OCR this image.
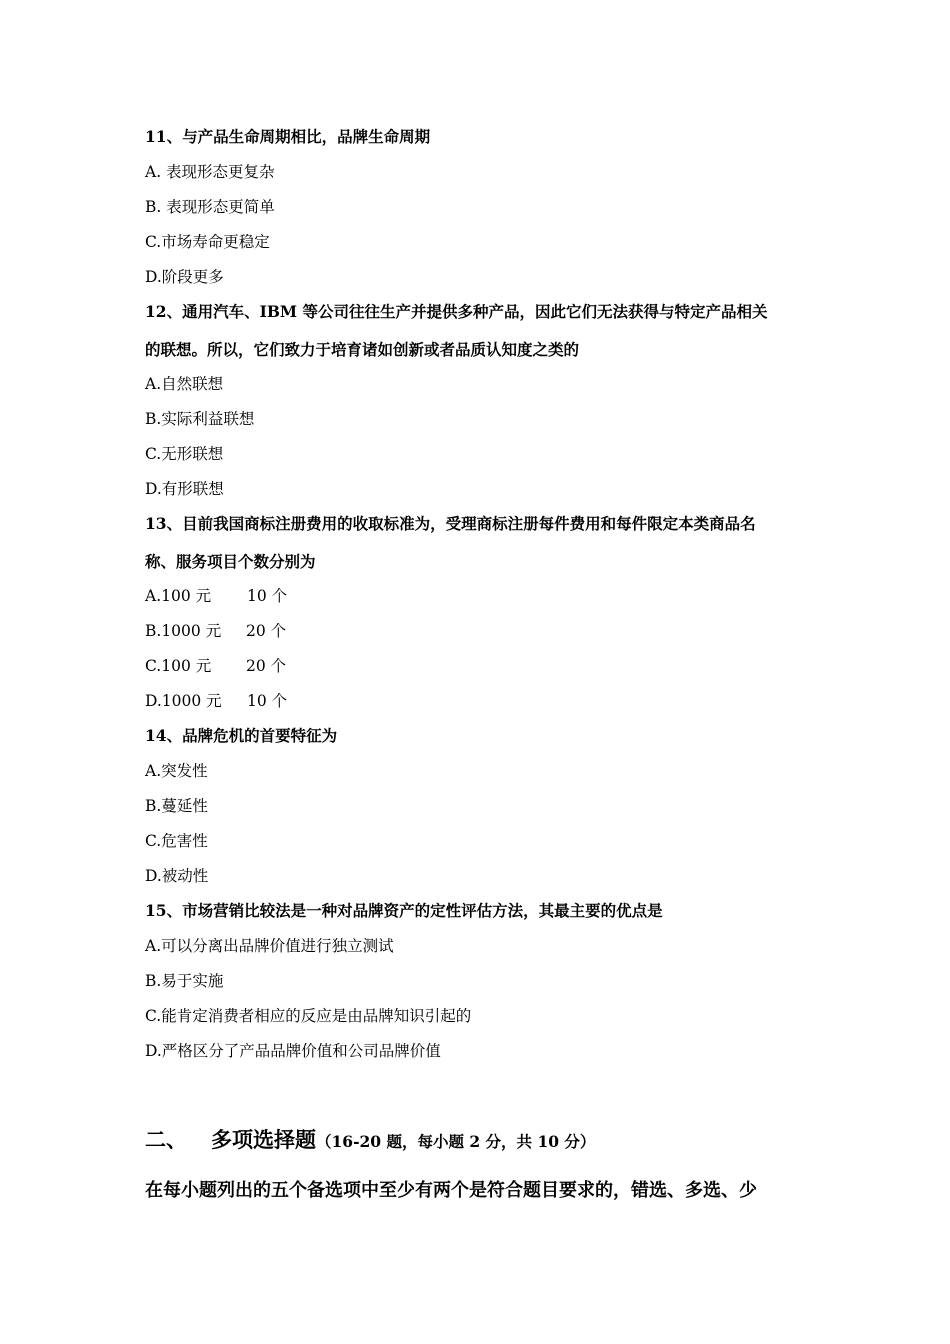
11、与产品生命周期相比，品牌生命周期
A. 表现形态更复杂
B. 表现形态更简单
C.市场寿命更稳定
D.阶段更多
12、通用汽车、IBM 等公司往往生产并提供多种产品，因此它们无法获得与特定产品相关
的联想。所以，它们致力于培育诸如创新或者品质认知度之类的
A.自然联想
B.实际利益联想
C.无形联想
D.有形联想
13、目前我国商标注册费用的收取标准为，受理商标注册每件费用和每件限定本类商品名
称、服务项目个数分别为
A.100 元 10 个
B.1000 元 20 个
C.100 元 20 个
D.1000 元 10 个
14、品牌危机的首要特征为
A.突发性
B.蔓延性
C.危害性
D.被动性
15、市场营销比较法是一种对品牌资产的定性评估方法，其最主要的优点是
A.可以分离出品牌价值进行独立测试
B.易于实施
C.能肯定消费者相应的反应是由品牌知识引起的
D.严格区分了产品品牌价值和公司品牌价值
二、 多项选择题（16-20 题，每小题 2 分，共 10 分）
在每小题列出的五个备选项中至少有两个是符合题目要求的，错选、多选、少
